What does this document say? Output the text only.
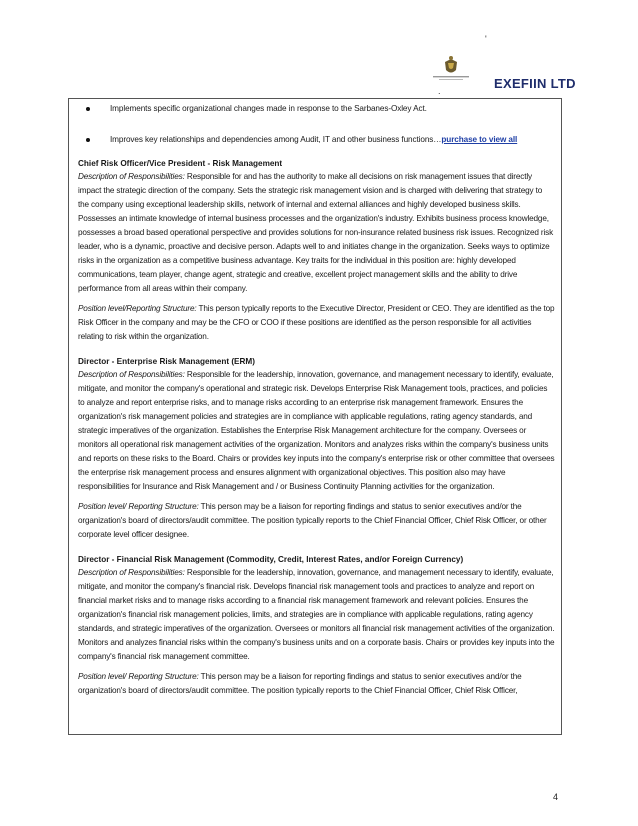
'
.	EXEFIIN LTD
Implements specific organizational changes made in response to the Sarbanes-Oxley Act.
Improves key relationships and dependencies among Audit, IT and other business functions…purchase to view all

Chief Risk Officer/Vice President - Risk Management

Description of Responsibilities: Responsible for and has the authority to make all decisions on risk management issues that directly impact the strategic direction of the company. Sets the strategic risk management vision and is charged with delivering that strategy to the company using exceptional leadership skills, network of internal and external alliances and highly developed business skills. Possesses an intimate knowledge of internal business processes and the organization's industry. Exhibits business process knowledge, possesses a broad based operational perspective and provides solutions for non-insurance related business risk issues. Recognized risk leader, who is a dynamic, proactive and decisive person. Adapts well to and initiates change in the organization. Seeks ways to optimize risks in the organization as a competitive business advantage. Key traits for the individual in this position are: highly developed communications, team player, change agent, strategic and creative, excellent project management skills and the ability to drive performance from all areas within their company.

Position level/Reporting Structure: This person typically reports to the Executive Director, President or CEO. They are identified as the top Risk Officer in the company and may be the CFO or COO if these positions are identified as the person responsible for all activities relating to risk within the organization.

Director - Enterprise Risk Management (ERM)

Description of Responsibilities: Responsible for the leadership, innovation, governance, and management necessary to identify, evaluate, mitigate, and monitor the company's operational and strategic risk. Develops Enterprise Risk Management tools, practices, and policies to analyze and report enterprise risks, and to manage risks according to an enterprise risk management framework. Ensures the organization's risk management policies and strategies are in compliance with applicable regulations, rating agency standards, and strategic imperatives of the organization. Establishes the Enterprise Risk Management architecture for the company. Oversees or monitors all operational risk management activities of the organization. Monitors and analyzes risks within the company's business units and reports on these risks to the Board. Chairs or provides key inputs into the company's enterprise risk or other committee that oversees the enterprise risk management process and ensures alignment with organizational objectives. This position also may have responsibilities for Insurance and Risk Management and / or Business Continuity Planning activities for the organization.

Position level/ Reporting Structure: This person may be a liaison for reporting findings and status to senior executives and/or the organization's board of directors/audit committee. The position typically reports to the Chief Financial Officer, Chief Risk Officer, or other corporate level officer designee.

Director - Financial Risk Management (Commodity, Credit, Interest Rates, and/or Foreign Currency)

Description of Responsibilities: Responsible for the leadership, innovation, governance, and management necessary to identify, evaluate, mitigate, and monitor the company's financial risk. Develops financial risk management tools and practices to analyze and report on financial market risks and to manage risks according to a financial risk management framework and relevant policies. Ensures the organization's financial risk management policies, limits, and strategies are in compliance with applicable regulations, rating agency standards, and strategic imperatives of the organization. Oversees or monitors all financial risk management activities of the organization. Monitors and analyzes financial risks within the company's business units and on a corporate basis. Chairs or provides key inputs into the company's financial risk management committee.

Position level/ Reporting Structure: This person may be a liaison for reporting findings and status to senior executives and/or the organization's board of directors/audit committee. The position typically reports to the Chief Financial Officer, Chief Risk Officer,

4
